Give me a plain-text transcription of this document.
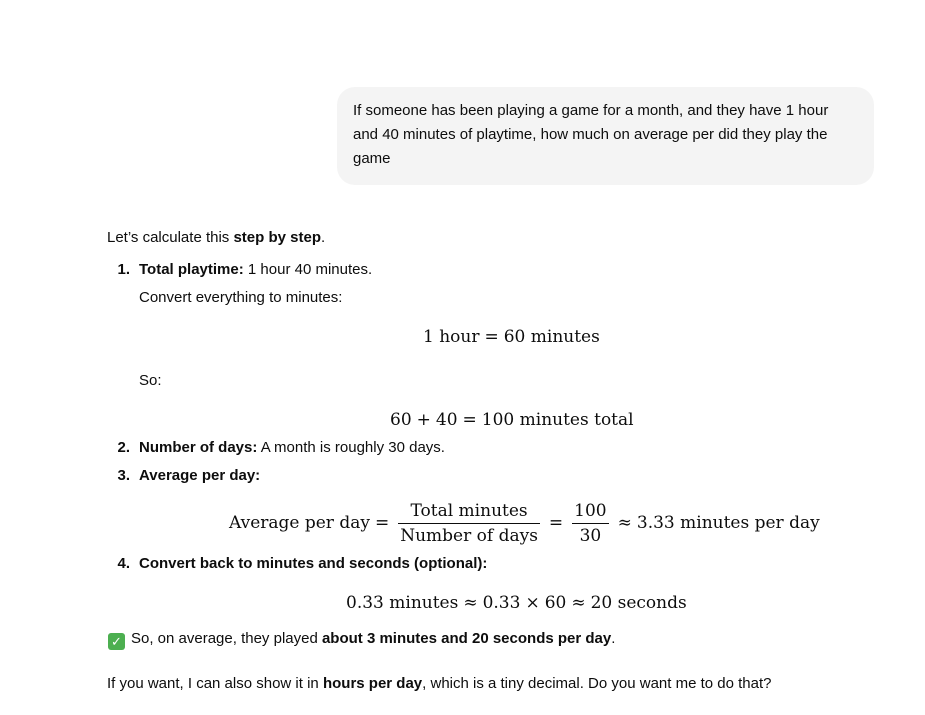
If someone has been playing a game for a month, and they have 1 hour and 40 minutes of playtime, how much on average per did they play the game
Let’s calculate this step by step.
1. Total playtime: 1 hour 40 minutes.
Convert everything to minutes:
1 hour = 60 minutes
So:
60 + 40 = 100 minutes total
2. Number of days: A month is roughly 30 days.
3. Average per day:
Average per day = $\frac{\text{Total minutes}}{\text{Number of days}} = \frac{100}{30} \approx 3.33$ minutes per day
4. Convert back to minutes and seconds (optional):
0.33 minutes ≈ 0.33 × 60 ≈ 20 seconds
✓ So, on average, they played about 3 minutes and 20 seconds per day.
If you want, I can also show it in hours per day, which is a tiny decimal. Do you want me to do that?
